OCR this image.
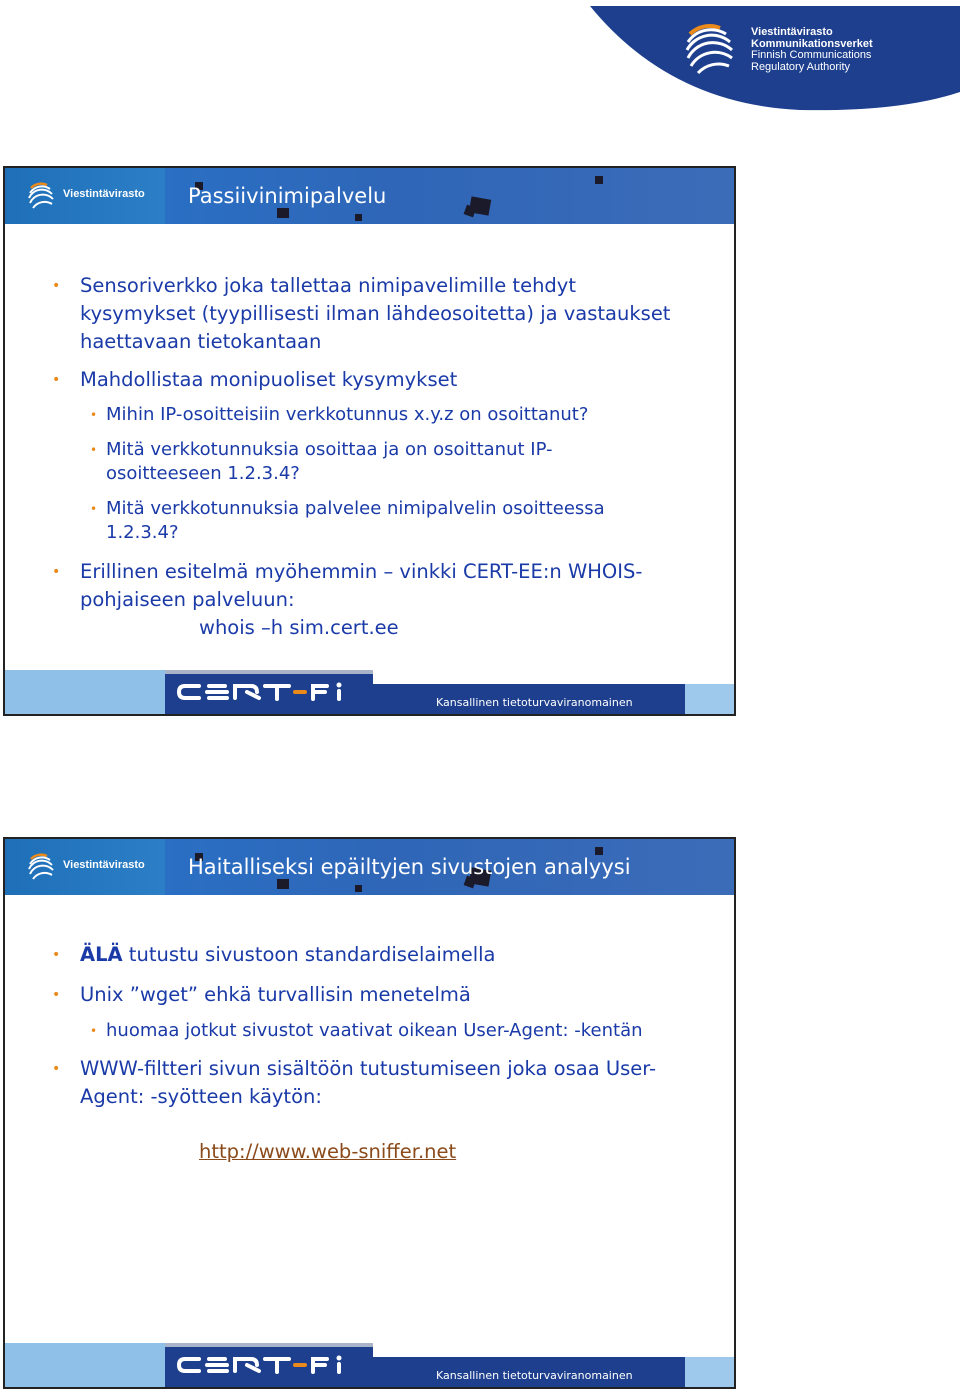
Viestintävirasto
Kommunikationsverket
Finnish Communications
Regulatory Authority
Viestintävirasto Passiivinimipalvelu
• Sensoriverkko joka tallettaa nimipavelimille tehdyt
kysymykset (tyypillisesti ilman lähdeosoitetta) ja vastaukset
haettavaan tietokantaan
• Mahdollistaa monipuoliset kysymykset
• Mihin IP-osoitteisiin verkkotunnus x.y.z on osoittanut?
• Mitä verkkotunnuksia osoittaa ja on osoittanut IP-
osoitteeseen 1.2.3.4?
• Mitä verkkotunnuksia palvelee nimipalvelin osoitteessa
1.2.3.4?
• Erillinen esitelmä myöhemmin – vinkki CERT-EE:n WHOIS-
pohjaiseen palveluun:
whois –h sim.cert.ee
Kansallinen tietoturvaviranomainen
Viestintävirasto Haitalliseksi epäiltyjen sivustojen analyysi
• ÄLÄ tutustu sivustoon standardiselaimella
• Unix ”wget” ehkä turvallisin menetelmä
• huomaa jotkut sivustot vaativat oikean User-Agent: -kentän
• WWW-filtteri sivun sisältöön tutustumiseen joka osaa User-
Agent: -syötteen käytön:
http://www.web-sniffer.net
Kansallinen tietoturvaviranomainen
